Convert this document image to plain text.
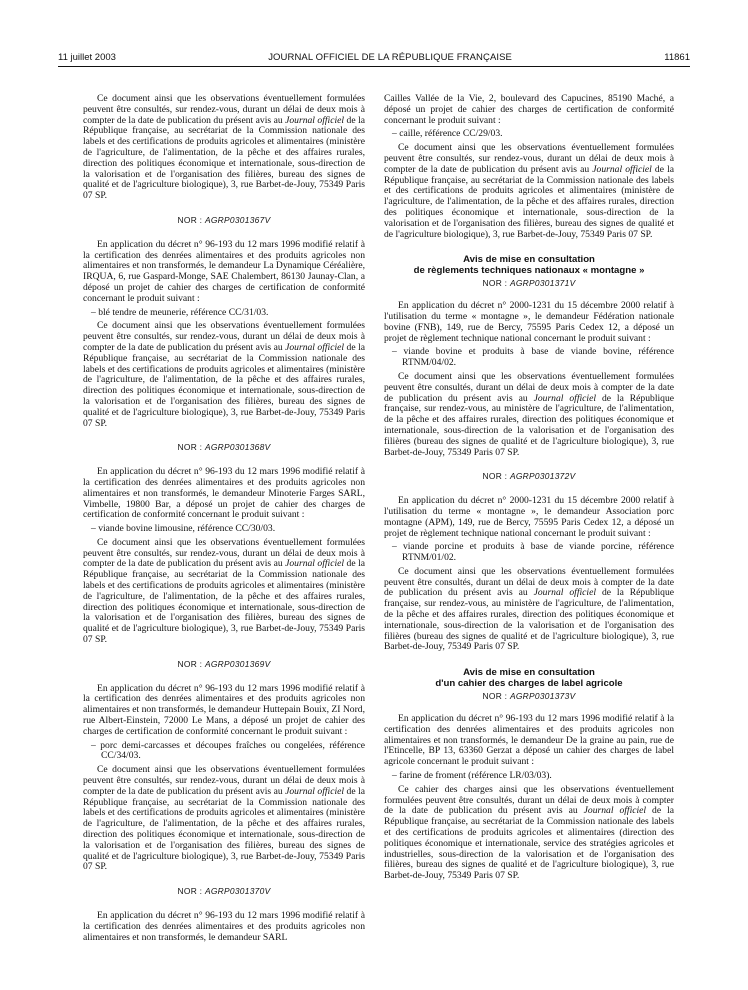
11 juillet 2003	JOURNAL OFFICIEL DE LA RÉPUBLIQUE FRANÇAISE	11861

Ce document ainsi que les observations éventuellement formulées peuvent être consultés, sur rendez-vous, durant un délai de deux mois à compter de la date de publication du présent avis au Journal officiel de la République française, au secrétariat de la Commission nationale des labels et des certifications de produits agricoles et alimentaires (ministère de l'agriculture, de l'alimentation, de la pêche et des affaires rurales, direction des politiques économique et internationale, sous-direction de la valorisation et de l'organisation des filières, bureau des signes de qualité et de l'agriculture biologique), 3, rue Barbet-de-Jouy, 75349 Paris 07 SP.

NOR : AGRP0301367V

En application du décret n° 96-193 du 12 mars 1996 modifié relatif à la certification des denrées alimentaires et des produits agricoles non alimentaires et non transformés, le demandeur La Dynamique Céréalière, IRQUA, 6, rue Gaspard-Monge, SAE Chalembert, 86130 Jaunay-Clan, a déposé un projet de cahier des charges de certification de conformité concernant le produit suivant :

– blé tendre de meunerie, référence CC/31/03.

Ce document ainsi que les observations éventuellement formulées peuvent être consultés, sur rendez-vous, durant un délai de deux mois à compter de la date de publication du présent avis au Journal officiel de la République française, au secrétariat de la Commission nationale des labels et des certifications de produits agricoles et alimentaires (ministère de l'agriculture, de l'alimentation, de la pêche et des affaires rurales, direction des politiques économique et internationale, sous-direction de la valorisation et de l'organisation des filières, bureau des signes de qualité et de l'agriculture biologique), 3, rue Barbet-de-Jouy, 75349 Paris 07 SP.

NOR : AGRP0301368V

En application du décret n° 96-193 du 12 mars 1996 modifié relatif à la certification des denrées alimentaires et des produits agricoles non alimentaires et non transformés, le demandeur Minoterie Farges SARL, Vimbelle, 19800 Bar, a déposé un projet de cahier des charges de certification de conformité concernant le produit suivant :

– viande bovine limousine, référence CC/30/03.

Ce document ainsi que les observations éventuellement formulées peuvent être consultés, sur rendez-vous, durant un délai de deux mois à compter de la date de publication du présent avis au Journal officiel de la République française, au secrétariat de la Commission nationale des labels et des certifications de produits agricoles et alimentaires (ministère de l'agriculture, de l'alimentation, de la pêche et des affaires rurales, direction des politiques économique et internationale, sous-direction de la valorisation et de l'organisation des filières, bureau des signes de qualité et de l'agriculture biologique), 3, rue Barbet-de-Jouy, 75349 Paris 07 SP.

NOR : AGRP0301369V

En application du décret n° 96-193 du 12 mars 1996 modifié relatif à la certification des denrées alimentaires et des produits agricoles non alimentaires et non transformés, le demandeur Huttepain Bouix, ZI Nord, rue Albert-Einstein, 72000 Le Mans, a déposé un projet de cahier des charges de certification de conformité concernant le produit suivant :

– porc demi-carcasses et découpes fraîches ou congelées, référence CC/34/03.

Ce document ainsi que les observations éventuellement formulées peuvent être consultés, sur rendez-vous, durant un délai de deux mois à compter de la date de publication du présent avis au Journal officiel de la République française, au secrétariat de la Commission nationale des labels et des certifications de produits agricoles et alimentaires (ministère de l'agriculture, de l'alimentation, de la pêche et des affaires rurales, direction des politiques économique et internationale, sous-direction de la valorisation et de l'organisation des filières, bureau des signes de qualité et de l'agriculture biologique), 3, rue Barbet-de-Jouy, 75349 Paris 07 SP.

NOR : AGRP0301370V

En application du décret n° 96-193 du 12 mars 1996 modifié relatif à la certification des denrées alimentaires et des produits agricoles non alimentaires et non transformés, le demandeur SARL

Cailles Vallée de la Vie, 2, boulevard des Capucines, 85190 Maché, a déposé un projet de cahier des charges de certification de conformité concernant le produit suivant :

– caille, référence CC/29/03.

Ce document ainsi que les observations éventuellement formulées peuvent être consultés, sur rendez-vous, durant un délai de deux mois à compter de la date de publication du présent avis au Journal officiel de la République française, au secrétariat de la Commission nationale des labels et des certifications de produits agricoles et alimentaires (ministère de l'agriculture, de l'alimentation, de la pêche et des affaires rurales, direction des politiques économique et internationale, sous-direction de la valorisation et de l'organisation des filières, bureau des signes de qualité et de l'agriculture biologique), 3, rue Barbet-de-Jouy, 75349 Paris 07 SP.

Avis de mise en consultation
de règlements techniques nationaux « montagne »
NOR : AGRP0301371V

En application du décret n° 2000-1231 du 15 décembre 2000 relatif à l'utilisation du terme « montagne », le demandeur Fédération nationale bovine (FNB), 149, rue de Bercy, 75595 Paris Cedex 12, a déposé un projet de règlement technique national concernant le produit suivant :

– viande bovine et produits à base de viande bovine, référence RTNM/04/02.

Ce document ainsi que les observations éventuellement formulées peuvent être consultés, durant un délai de deux mois à compter de la date de publication du présent avis au Journal officiel de la République française, sur rendez-vous, au ministère de l'agriculture, de l'alimentation, de la pêche et des affaires rurales, direction des politiques économique et internationale, sous-direction de la valorisation et de l'organisation des filières (bureau des signes de qualité et de l'agriculture biologique), 3, rue Barbet-de-Jouy, 75349 Paris 07 SP.

NOR : AGRP0301372V

En application du décret n° 2000-1231 du 15 décembre 2000 relatif à l'utilisation du terme « montagne », le demandeur Association porc montagne (APM), 149, rue de Bercy, 75595 Paris Cedex 12, a déposé un projet de règlement technique national concernant le produit suivant :

– viande porcine et produits à base de viande porcine, référence RTNM/01/02.

Ce document ainsi que les observations éventuellement formulées peuvent être consultés, durant un délai de deux mois à compter de la date de publication du présent avis au Journal officiel de la République française, sur rendez-vous, au ministère de l'agriculture, de l'alimentation, de la pêche et des affaires rurales, direction des politiques économique et internationale, sous-direction de la valorisation et de l'organisation des filières (bureau des signes de qualité et de l'agriculture biologique), 3, rue Barbet-de-Jouy, 75349 Paris 07 SP.

Avis de mise en consultation
d'un cahier des charges de label agricole
NOR : AGRP0301373V

En application du décret n° 96-193 du 12 mars 1996 modifié relatif à la certification des denrées alimentaires et des produits agricoles non alimentaires et non transformés, le demandeur De la graine au pain, rue de l'Etincelle, BP 13, 63360 Gerzat a déposé un cahier des charges de label agricole concernant le produit suivant :

– farine de froment (référence LR/03/03).

Ce cahier des charges ainsi que les observations éventuellement formulées peuvent être consultés, durant un délai de deux mois à compter de la date de publication du présent avis au Journal officiel de la République française, au secrétariat de la Commission nationale des labels et des certifications de produits agricoles et alimentaires (direction des politiques économique et internationale, service des stratégies agricoles et industrielles, sous-direction de la valorisation et de l'organisation des filières, bureau des signes de qualité et de l'agriculture biologique), 3, rue Barbet-de-Jouy, 75349 Paris 07 SP.
